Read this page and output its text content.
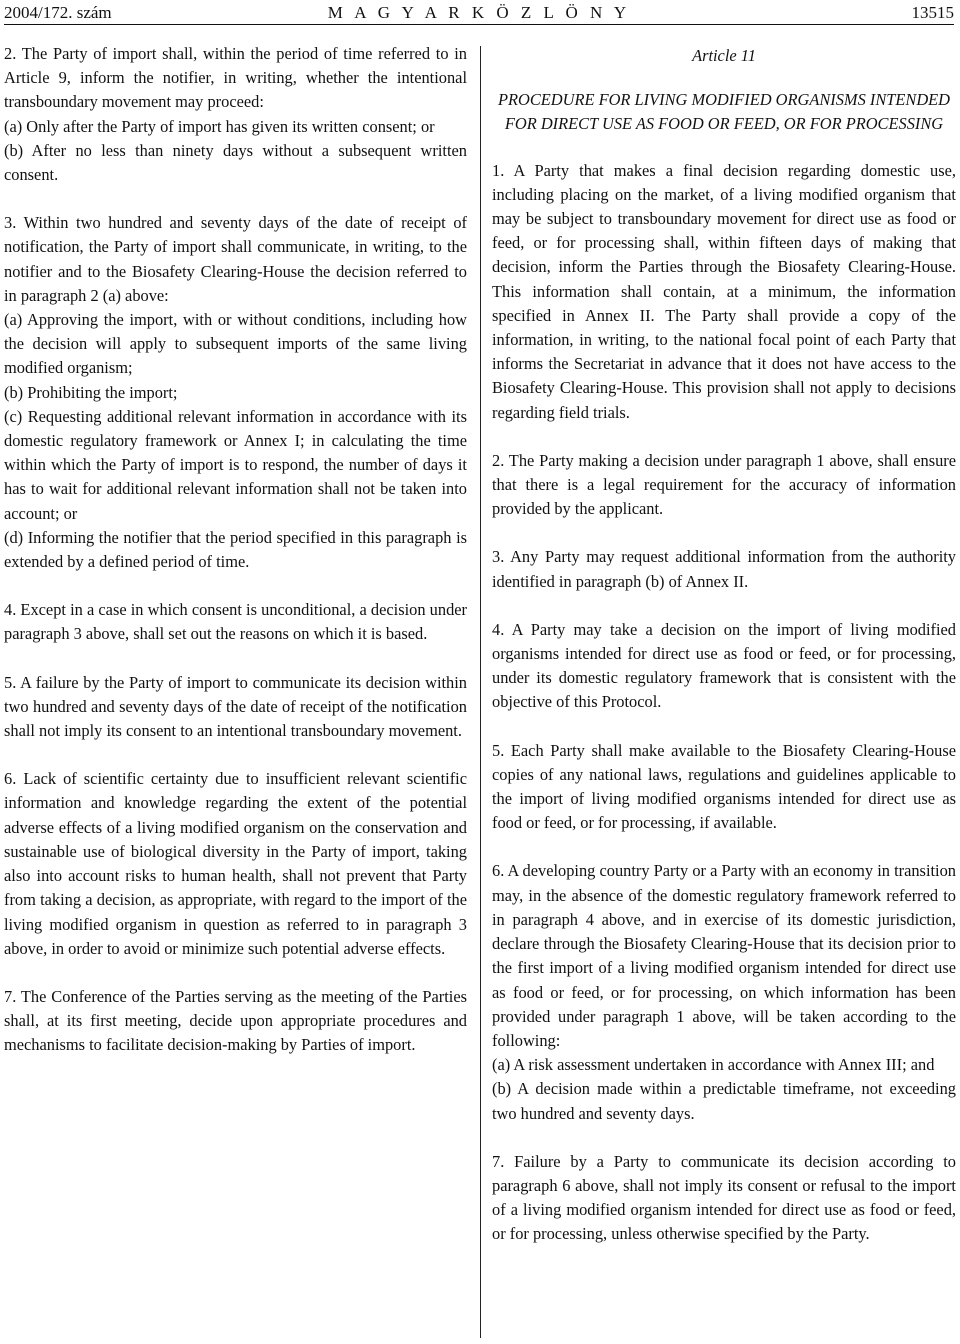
2004/172. szám	M A G Y A R K Ö Z L Ö N Y	13515

2. The Party of import shall, within the period of time referred to in Article 9, inform the notifier, in writing, whether the intentional transboundary movement may proceed:

(a) Only after the Party of import has given its written consent; or

(b) After no less than ninety days without a subsequent written consent.

3. Within two hundred and seventy days of the date of receipt of notification, the Party of import shall communicate, in writing, to the notifier and to the Biosafety Clearing-House the decision referred to in paragraph 2 (a) above:

(a) Approving the import, with or without conditions, including how the decision will apply to subsequent imports of the same living modified organism;

(b) Prohibiting the import;

(c) Requesting additional relevant information in accordance with its domestic regulatory framework or Annex I; in calculating the time within which the Party of import is to respond, the number of days it has to wait for additional relevant information shall not be taken into account; or

(d) Informing the notifier that the period specified in this paragraph is extended by a defined period of time.

4. Except in a case in which consent is unconditional, a decision under paragraph 3 above, shall set out the reasons on which it is based.

5. A failure by the Party of import to communicate its decision within two hundred and seventy days of the date of receipt of the notification shall not imply its consent to an intentional transboundary movement.

6. Lack of scientific certainty due to insufficient relevant scientific information and knowledge regarding the extent of the potential adverse effects of a living modified organism on the conservation and sustainable use of biological diversity in the Party of import, taking also into account risks to human health, shall not prevent that Party from taking a decision, as appropriate, with regard to the import of the living modified organism in question as referred to in paragraph 3 above, in order to avoid or minimize such potential adverse effects.

7. The Conference of the Parties serving as the meeting of the Parties shall, at its first meeting, decide upon appropriate procedures and mechanisms to facilitate decision-making by Parties of import.

Article 11
PROCEDURE FOR LIVING MODIFIED ORGANISMS INTENDED FOR DIRECT USE AS FOOD OR FEED, OR FOR PROCESSING

1. A Party that makes a final decision regarding domestic use, including placing on the market, of a living modified organism that may be subject to transboundary movement for direct use as food or feed, or for processing shall, within fifteen days of making that decision, inform the Parties through the Biosafety Clearing-House. This information shall contain, at a minimum, the information specified in Annex II. The Party shall provide a copy of the information, in writing, to the national focal point of each Party that informs the Secretariat in advance that it does not have access to the Biosafety Clearing-House. This provision shall not apply to decisions regarding field trials.

2. The Party making a decision under paragraph 1 above, shall ensure that there is a legal requirement for the accuracy of information provided by the applicant.

3. Any Party may request additional information from the authority identified in paragraph (b) of Annex II.

4. A Party may take a decision on the import of living modified organisms intended for direct use as food or feed, or for processing, under its domestic regulatory framework that is consistent with the objective of this Protocol.

5. Each Party shall make available to the Biosafety Clearing-House copies of any national laws, regulations and guidelines applicable to the import of living modified organisms intended for direct use as food or feed, or for processing, if available.

6. A developing country Party or a Party with an economy in transition may, in the absence of the domestic regulatory framework referred to in paragraph 4 above, and in exercise of its domestic jurisdiction, declare through the Biosafety Clearing-House that its decision prior to the first import of a living modified organism intended for direct use as food or feed, or for processing, on which information has been provided under paragraph 1 above, will be taken according to the following:

(a) A risk assessment undertaken in accordance with Annex III; and

(b) A decision made within a predictable timeframe, not exceeding two hundred and seventy days.

7. Failure by a Party to communicate its decision according to paragraph 6 above, shall not imply its consent or refusal to the import of a living modified organism intended for direct use as food or feed, or for processing, unless otherwise specified by the Party.
